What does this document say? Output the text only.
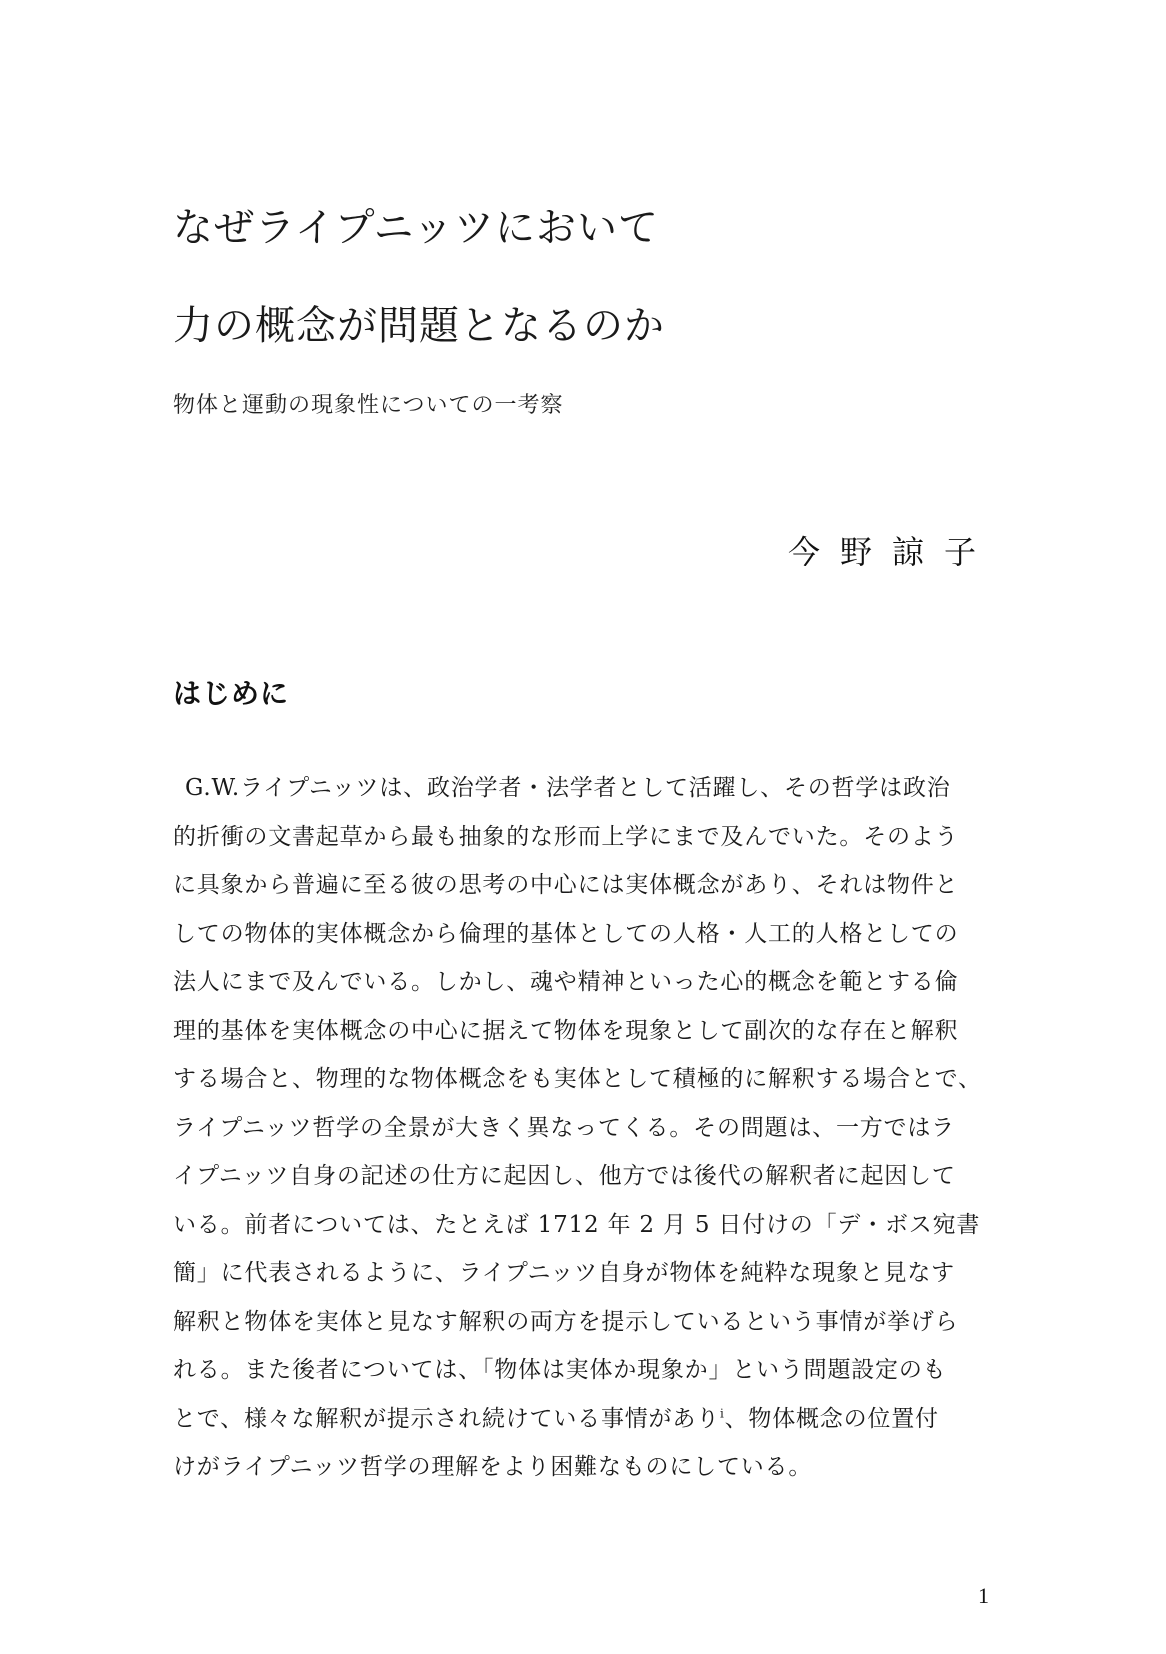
なぜライプニッツにおいて
力の概念が問題となるのか
物体と運動の現象性についての一考察
今野諒子
はじめに
G.W.ライプニッツは、政治学者・法学者として活躍し、その哲学は政治
的折衝の文書起草から最も抽象的な形而上学にまで及んでいた。そのよう
に具象から普遍に至る彼の思考の中心には実体概念があり、それは物件と
しての物体的実体概念から倫理的基体としての人格・人工的人格としての
法人にまで及んでいる。しかし、魂や精神といった心的概念を範とする倫
理的基体を実体概念の中心に据えて物体を現象として副次的な存在と解釈
する場合と、物理的な物体概念をも実体として積極的に解釈する場合とで、
ライプニッツ哲学の全景が大きく異なってくる。その問題は、一方ではラ
イプニッツ自身の記述の仕方に起因し、他方では後代の解釈者に起因して
いる。前者については、たとえば 1712 年 2 月 5 日付けの「デ・ボス宛書
簡」に代表されるように、ライプニッツ自身が物体を純粋な現象と見なす
解釈と物体を実体と見なす解釈の両方を提示しているという事情が挙げら
れる。また後者については、「物体は実体か現象か」という問題設定のも
とで、様々な解釈が提示され続けている事情があり$^i$、物体概念の位置付
けがライプニッツ哲学の理解をより困難なものにしている。
1
